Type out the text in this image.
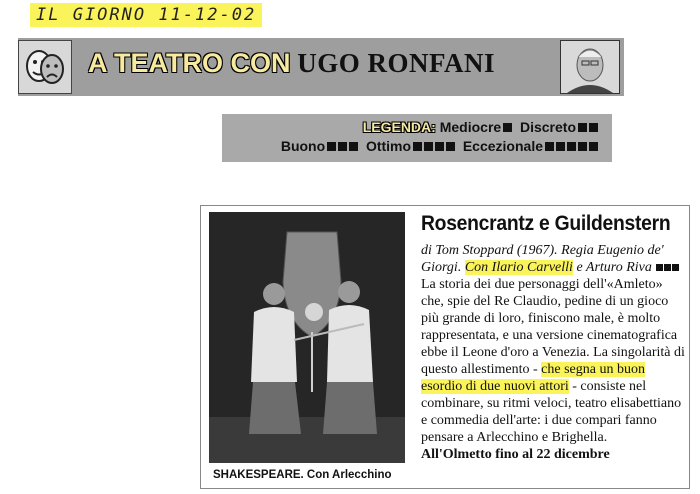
IL GIORNO 11-12-02
A TEATRO CON UGO RONFANI
LEGENDA: Mediocre Discreto
Buono	Ottimo	Eccezionale
SHAKESPEARE. Con Arlecchino
Rosencrantz e Guildenstern
di Tom Stoppard (1967). Regia Eugenio de' Giorgi. Con Ilario Carvelli e Arturo Riva
La storia dei due personaggi dell'«Amleto» che, spie del Re Claudio, pedine di un gioco più grande di loro, finiscono male, è molto rappresentata, e una versione cinematografica ebbe il Leone d'oro a Venezia. La singolarità di questo allestimento - che segna un buon esordio di due nuovi attori - consiste nel combinare, su ritmi veloci, teatro elisabettiano e commedia dell'arte: i due compari fanno pensare a Arlecchino e Brighella.
All'Olmetto fino al 22 dicembre
